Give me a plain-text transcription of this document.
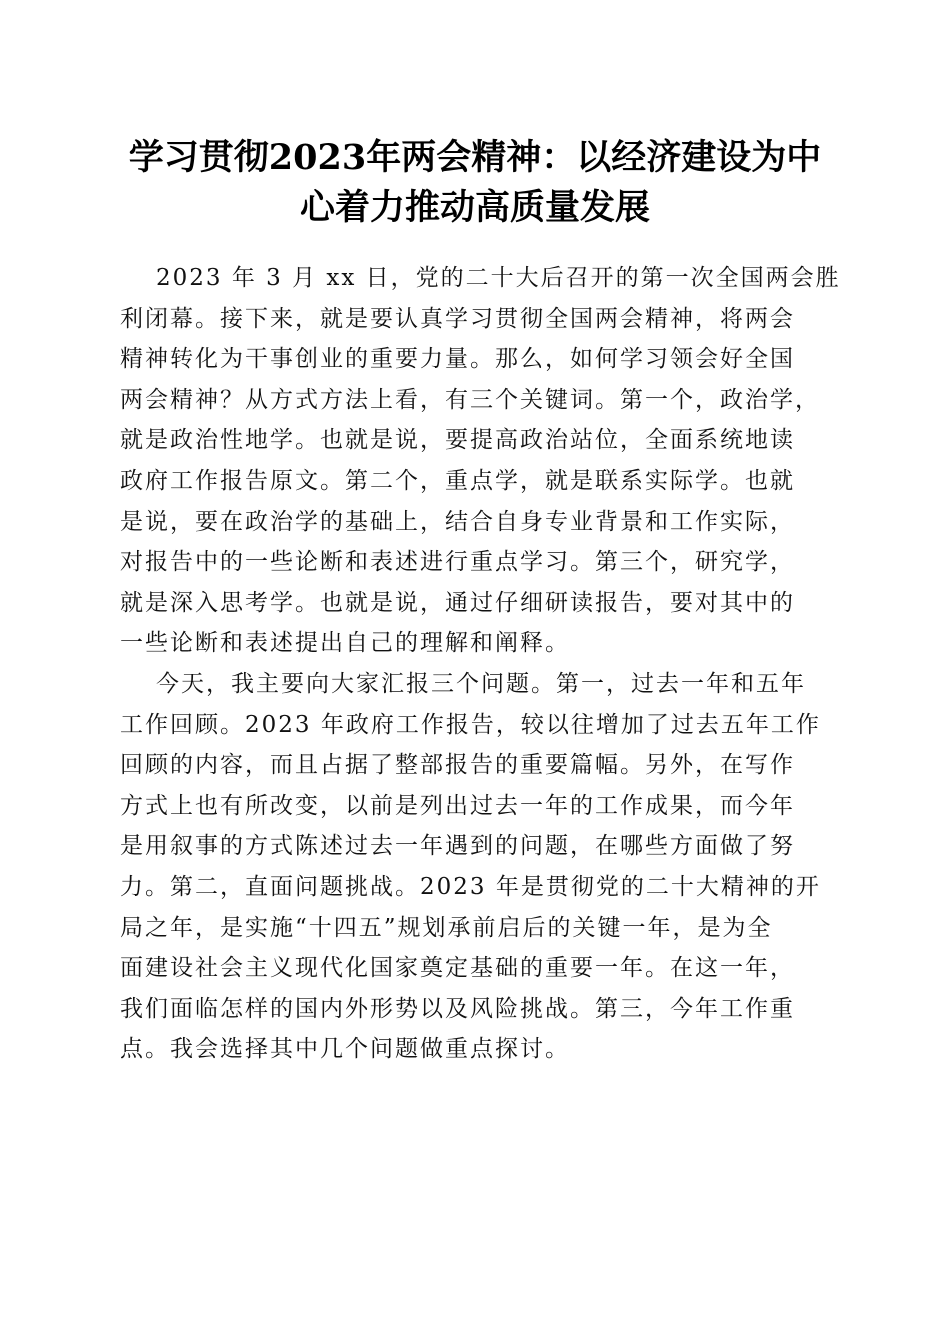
学习贯彻2023年两会精神：以经济建设为中
心着力推动高质量发展
2023 年 3 月 xx 日，党的二十大后召开的第一次全国两会胜
利闭幕。接下来，就是要认真学习贯彻全国两会精神，将两会
精神转化为干事创业的重要力量。那么，如何学习领会好全国
两会精神？从方式方法上看，有三个关键词。第一个，政治学，
就是政治性地学。也就是说，要提高政治站位，全面系统地读
政府工作报告原文。第二个，重点学，就是联系实际学。也就
是说，要在政治学的基础上，结合自身专业背景和工作实际，
对报告中的一些论断和表述进行重点学习。第三个，研究学，
就是深入思考学。也就是说，通过仔细研读报告，要对其中的
一些论断和表述提出自己的理解和阐释。
今天，我主要向大家汇报三个问题。第一，过去一年和五年
工作回顾。2023 年政府工作报告，较以往增加了过去五年工作
回顾的内容，而且占据了整部报告的重要篇幅。另外，在写作
方式上也有所改变，以前是列出过去一年的工作成果，而今年
是用叙事的方式陈述过去一年遇到的问题，在哪些方面做了努
力。第二，直面问题挑战。2023 年是贯彻党的二十大精神的开
局之年，是实施“十四五”规划承前启后的关键一年，是为全
面建设社会主义现代化国家奠定基础的重要一年。在这一年，
我们面临怎样的国内外形势以及风险挑战。第三，今年工作重
点。我会选择其中几个问题做重点探讨。
